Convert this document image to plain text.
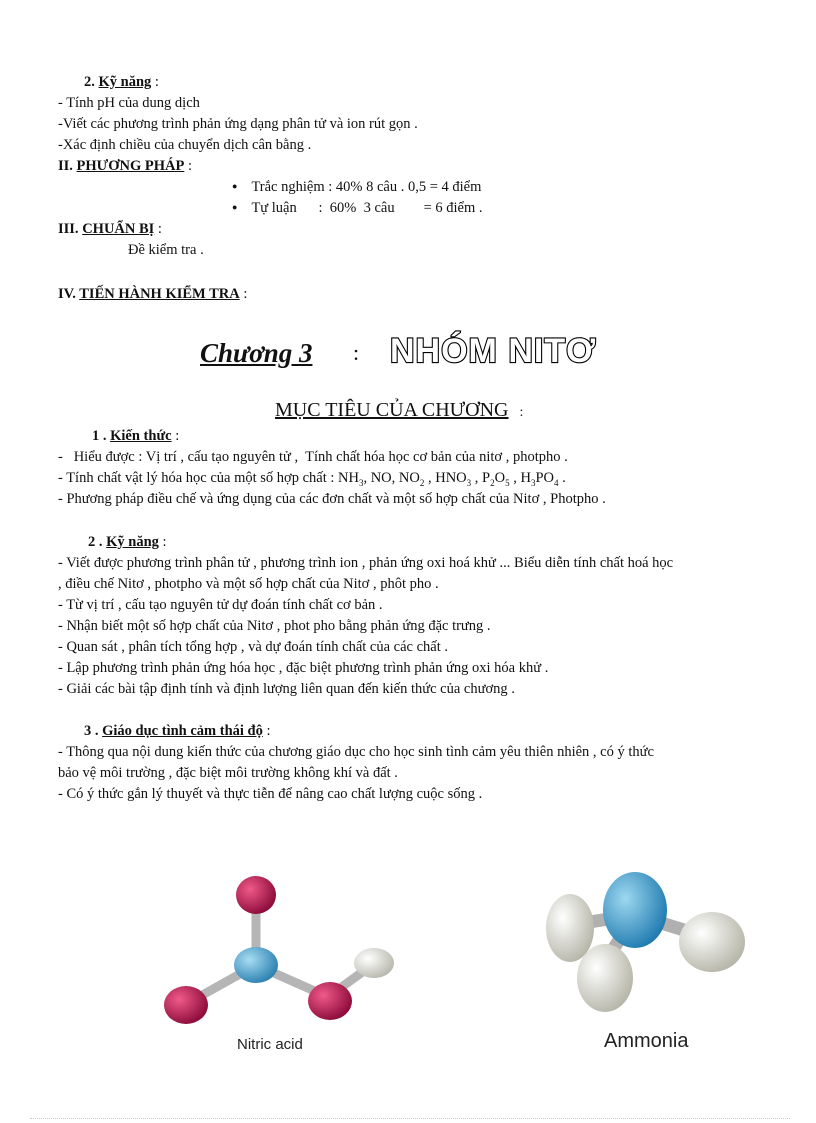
2. Kỹ năng :
- Tính pH của dung dịch
-Viết các phương trình phản ứng dạng phân tử và ion rút gọn .
-Xác định chiều của chuyển dịch cân bằng .
II. PHƯƠNG PHÁP :
● Trắc nghiệm : 40% 8 câu . 0,5 = 4 điểm
● Tự luận      :  60%  3 câu        = 6 điểm .
III. CHUẨN BỊ :
Đề kiểm tra .
IV. TIẾN HÀNH KIỂM TRA :
Chương 3 : NHÓM NITƠ
MỤC TIÊU CỦA CHƯƠNG :
1 . Kiến thức :
-   Hiểu được : Vị trí , cấu tạo nguyên tử ,  Tính chất hóa học cơ bản của nitơ , photpho .
- Tính chất vật lý hóa học của một số hợp chất : $NH_3$, NO, $NO_2$ , $HNO_3$ , $P_2O_5$ , $H_3PO_4$ .
- Phương pháp điều chế và ứng dụng của các đơn chất và một số hợp chất của Nitơ , Photpho .
2 . Kỹ năng :
- Viết được phương trình phân tử , phương trình ion , phản ứng oxi hoá khử ... Biểu diễn tính chất hoá học
, điều chế Nitơ , photpho và một số hợp chất của Nitơ , phôt pho .
- Từ vị trí , cấu tạo nguyên tử dự đoán tính chất cơ bản .
- Nhận biết một số hợp chất của Nitơ , phot pho bằng phản ứng đặc trưng .
- Quan sát , phân tích tổng hợp , và dự đoán tính chất của các chất .
- Lập phương trình phản ứng hóa học , đặc biệt phương trình phản ứng oxi hóa khử .
- Giải các bài tập định tính và định lượng liên quan đến kiến thức của chương .
3 . Giáo dục tình cảm thái độ :
- Thông qua nội dung kiến thức của chương giáo dục cho học sinh tình cảm yêu thiên nhiên , có ý thức
bảo vệ môi trường , đặc biệt môi trường không khí và đất .
- Có ý thức gắn lý thuyết và thực tiễn để nâng cao chất lượng cuộc sống .
Nitric acid	Ammonia
